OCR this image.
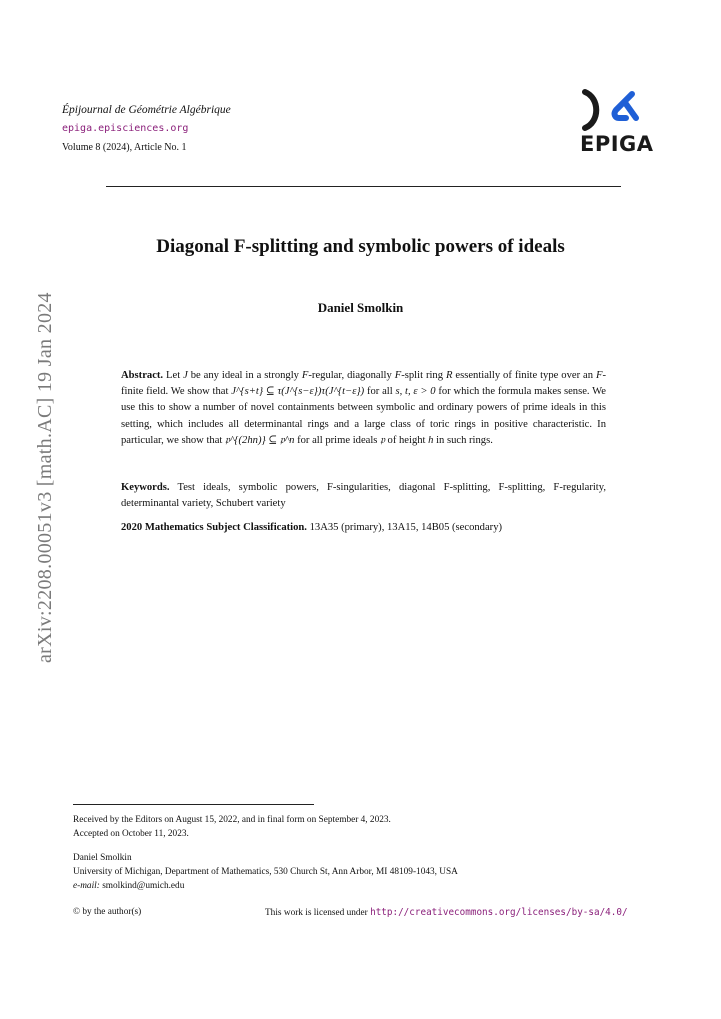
Épijournal de Géométrie Algébrique
epiga.episciences.org
Volume 8 (2024), Article No. 1	EPIGA
Diagonal F-splitting and symbolic powers of ideals
Daniel Smolkin
arXiv:2208.00051v3 [math.AC] 19 Jan 2024	Abstract. Let J be any ideal in a strongly F-regular, diagonally F-split ring R essentially of finite type over an F-finite field. We show that J^{s+t} ⊆ τ(J^{s−ε})τ(J^{t−ε}) for all s, t, ε > 0 for which the formula makes sense. We use this to show a number of novel containments between symbolic and ordinary powers of prime ideals in this setting, which includes all determinantal rings and a large class of toric rings in positive characteristic. In particular, we show that 𝔭^{(2hn)} ⊆ 𝔭^n for all prime ideals 𝔭 of height h in such rings.
Keywords. Test ideals, symbolic powers, F-singularities, diagonal F-splitting, F-splitting, F-regularity, determinantal variety, Schubert variety
2020 Mathematics Subject Classification. 13A35 (primary), 13A15, 14B05 (secondary)
Received by the Editors on August 15, 2022, and in final form on September 4, 2023.
Accepted on October 11, 2023.
Daniel Smolkin
University of Michigan, Department of Mathematics, 530 Church St, Ann Arbor, MI 48109-1043, USA
e-mail: smolkind@umich.edu
© by the author(s)	This work is licensed under http://creativecommons.org/licenses/by-sa/4.0/
